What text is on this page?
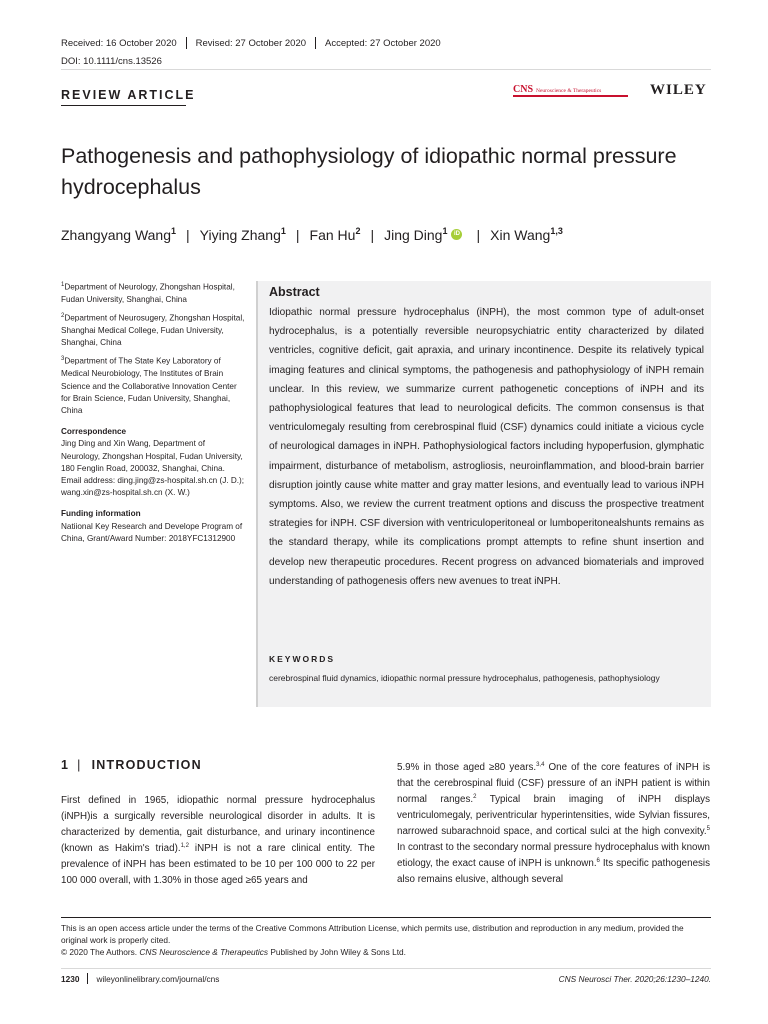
Received: 16 October 2020 Revised: 27 October 2020 Accepted: 27 October 2020
DOI: 10.1111/cns.13526
REVIEW ARTICLE	CNS Neuroscience & Therapeutics	WILEY
Pathogenesis and pathophysiology of idiopathic normal pressure hydrocephalus
Zhangyang Wang$^1$ | Yiying Zhang$^1$ | Fan Hu$^2$ | Jing Ding$^1$	iD | Xin Wang$^{1,3}$
$^1$Department of Neurology, Zhongshan Hospital, Fudan University, Shanghai, China
$^2$Department of Neurosugery, Zhongshan Hospital, Shanghai Medical College, Fudan University, Shanghai, China
$^3$Department of The State Key Laboratory of Medical Neurobiology, The Institutes of Brain Science and the Collaborative Innovation Center for Brain Science, Fudan University, Shanghai, China
Correspondence
Jing Ding and Xin Wang, Department of Neurology, Zhongshan Hospital, Fudan University, 180 Fenglin Road, 200032, Shanghai, China.
Email address: ding.jing@zs-hospital.sh.cn (J. D.); wang.xin@zs-hospital.sh.cn (X. W.)
Funding information
Natiional Key Research and Develope Program of China, Grant/Award Number: 2018YFC1312900
Abstract
Idiopathic normal pressure hydrocephalus (iNPH), the most common type of adult-onset hydrocephalus, is a potentially reversible neuropsychiatric entity characterized by dilated ventricles, cognitive deficit, gait apraxia, and urinary incontinence. Despite its relatively typical imaging features and clinical symptoms, the pathogenesis and pathophysiology of iNPH remain unclear. In this review, we summarize current pathogenetic conceptions of iNPH and its pathophysiological features that lead to neurological deficits. The common consensus is that ventriculomegaly resulting from cerebrospinal fluid (CSF) dynamics could initiate a vicious cycle of neurological damages in iNPH. Pathophysiological factors including hypoperfusion, glymphatic impairment, disturbance of metabolism, astrogliosis, neuroinflammation, and blood-brain barrier disruption jointly cause white matter and gray matter lesions, and eventually lead to various iNPH symptoms. Also, we review the current treatment options and discuss the prospective treatment strategies for iNPH. CSF diversion with ventriculoperitoneal or lumboperitonealshunts remains as the standard therapy, while its complications prompt attempts to refine shunt insertion and develop new therapeutic procedures. Recent progress on advanced biomaterials and improved understanding of pathogenesis offers new avenues to treat iNPH.
KEYWORDS
cerebrospinal fluid dynamics, idiopathic normal pressure hydrocephalus, pathogenesis, pathophysiology
1 | INTRODUCTION
First defined in 1965, idiopathic normal pressure hydrocephalus (iNPH)is a surgically reversible neurological disorder in adults. It is characterized by dementia, gait disturbance, and urinary incontinence (known as Hakim's triad).$^{1,2}$ iNPH is not a rare clinical entity. The prevalence of iNPH has been estimated to be 10 per 100 000 to 22 per 100 000 overall, with 1.30% in those aged ≥65 years and
5.9% in those aged ≥80 years.$^{3,4}$ One of the core features of iNPH is that the cerebrospinal fluid (CSF) pressure of an iNPH patient is within normal ranges.$^2$ Typical brain imaging of iNPH displays ventriculomegaly, periventricular hyperintensities, wide Sylvian fissures, narrowed subarachnoid space, and cortical sulci at the high convexity.$^5$ In contrast to the secondary normal pressure hydrocephalus with known etiology, the exact cause of iNPH is unknown.$^6$ Its specific pathogenesis also remains elusive, although several
This is an open access article under the terms of the Creative Commons Attribution License, which permits use, distribution and reproduction in any medium, provided the original work is properly cited.
© 2020 The Authors. CNS Neuroscience & Therapeutics Published by John Wiley & Sons Ltd.
1230 wileyonlinelibrary.com/journal/cns	CNS Neurosci Ther. 2020;26:1230–1240.
